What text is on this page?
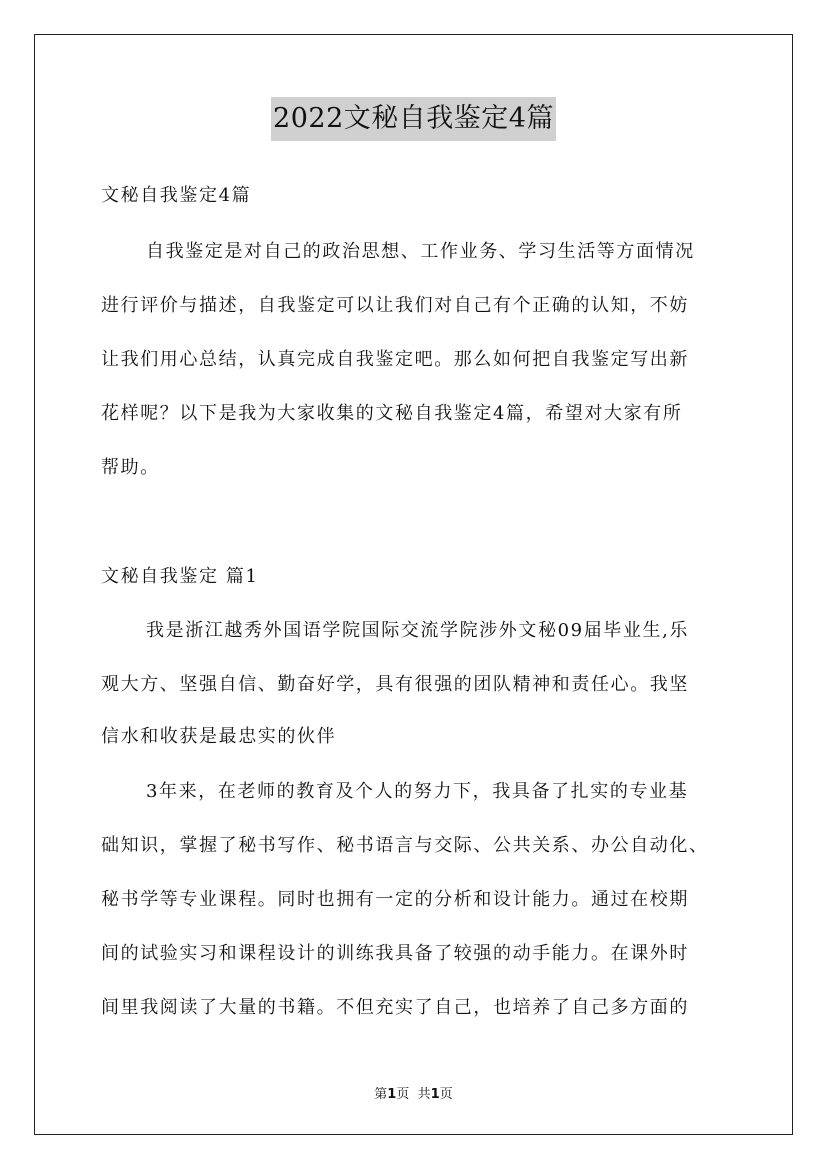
2022文秘自我鉴定4篇
文秘自我鉴定4篇
自我鉴定是对自己的政治思想、工作业务、学习生活等方面情况
进行评价与描述，自我鉴定可以让我们对自己有个正确的认知，不妨
让我们用心总结，认真完成自我鉴定吧。那么如何把自我鉴定写出新
花样呢？以下是我为大家收集的文秘自我鉴定4篇，希望对大家有所
帮助。
文秘自我鉴定 篇1
我是浙江越秀外国语学院国际交流学院涉外文秘09届毕业生,乐
观大方、坚强自信、勤奋好学，具有很强的团队精神和责任心。我坚
信水和收获是最忠实的伙伴
3年来，在老师的教育及个人的努力下，我具备了扎实的专业基
础知识，掌握了秘书写作、秘书语言与交际、公共关系、办公自动化、
秘书学等专业课程。同时也拥有一定的分析和设计能力。通过在校期
间的试验实习和课程设计的训练我具备了较强的动手能力。在课外时
间里我阅读了大量的书籍。不但充实了自己，也培养了自己多方面的
第1页 共1页
